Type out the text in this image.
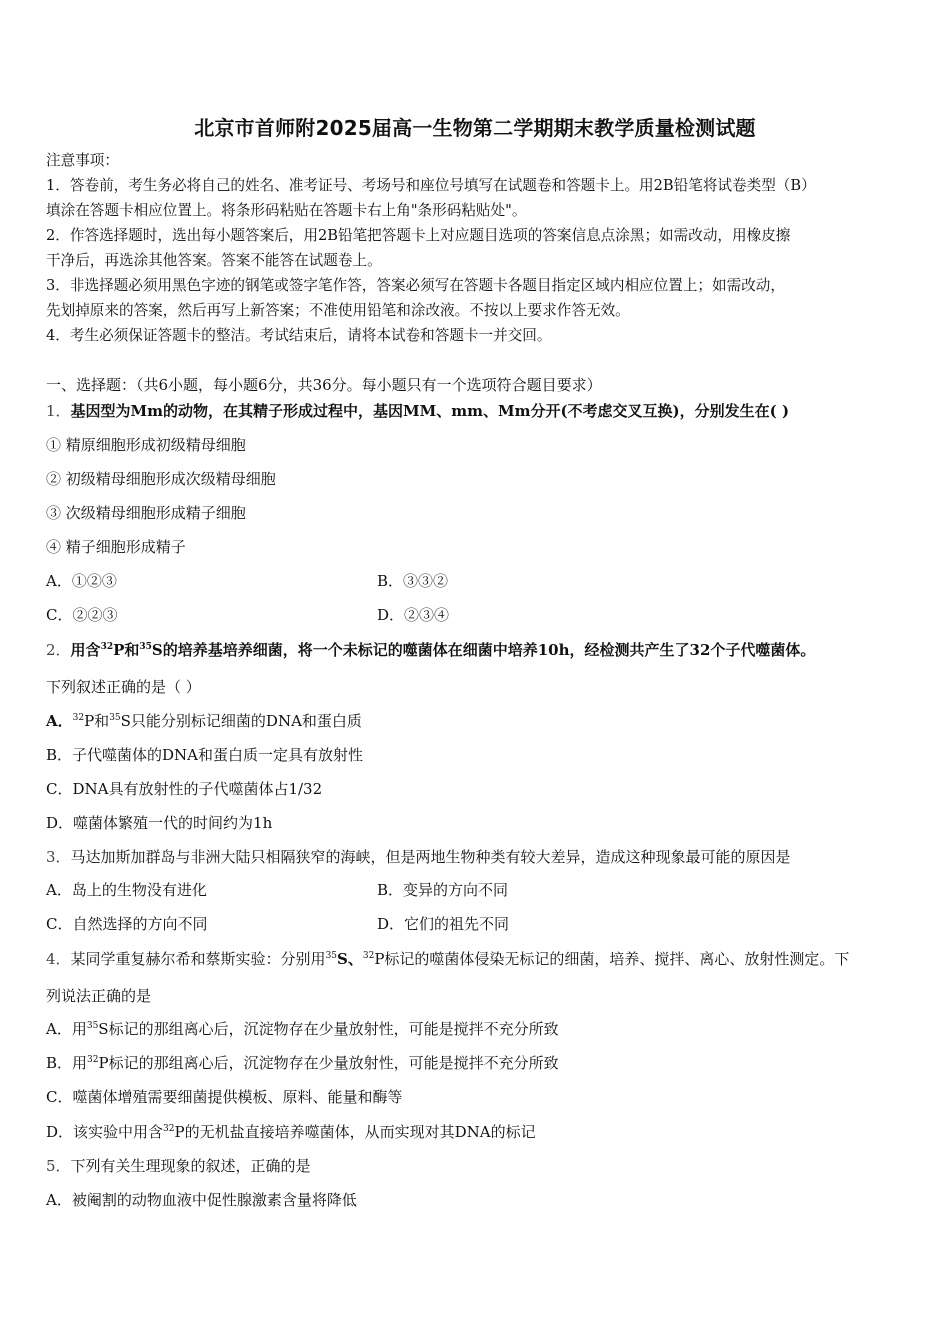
北京市首师附2025届高一生物第二学期期末教学质量检测试题
注意事项：
1．答卷前，考生务必将自己的姓名、准考证号、考场号和座位号填写在试题卷和答题卡上。用2B铅笔将试卷类型（B）
填涂在答题卡相应位置上。将条形码粘贴在答题卡右上角"条形码粘贴处"。
2．作答选择题时，选出每小题答案后，用2B铅笔把答题卡上对应题目选项的答案信息点涂黑；如需改动，用橡皮擦
干净后，再选涂其他答案。答案不能答在试题卷上。
3．非选择题必须用黑色字迹的钢笔或签字笔作答，答案必须写在答题卡各题目指定区域内相应位置上；如需改动，
先划掉原来的答案，然后再写上新答案；不准使用铅笔和涂改液。不按以上要求作答无效。
4．考生必须保证答题卡的整洁。考试结束后，请将本试卷和答题卡一并交回。
一、选择题：（共6小题，每小题6分，共36分。每小题只有一个选项符合题目要求）
1．基因型为Mm的动物，在其精子形成过程中，基因MM、mm、Mm分开(不考虑交叉互换)，分别发生在( )
① 精原细胞形成初级精母细胞
② 初级精母细胞形成次级精母细胞
③ 次级精母细胞形成精子细胞
④ 精子细胞形成精子
A．①②③	B．③③②
C．②②③	D．②③④
2．用含$^{32}$P和$^{35}$S的培养基培养细菌，将一个未标记的噬菌体在细菌中培养10h，经检测共产生了32个子代噬菌体。
下列叙述正确的是（ ）
A．$^{32}$P和$^{35}$S只能分别标记细菌的DNA和蛋白质
B．子代噬菌体的DNA和蛋白质一定具有放射性
C．DNA具有放射性的子代噬菌体占1/32
D．噬菌体繁殖一代的时间约为1h
3．马达加斯加群岛与非洲大陆只相隔狭窄的海峡，但是两地生物种类有较大差异，造成这种现象最可能的原因是
A．岛上的生物没有进化	B．变异的方向不同
C．自然选择的方向不同	D．它们的祖先不同
4．某同学重复赫尔希和蔡斯实验：分别用$^{35}$S、$^{32}$P标记的噬菌体侵染无标记的细菌，培养、搅拌、离心、放射性测定。下
列说法正确的是
A．用$^{35}$S标记的那组离心后，沉淀物存在少量放射性，可能是搅拌不充分所致
B．用$^{32}$P标记的那组离心后，沉淀物存在少量放射性，可能是搅拌不充分所致
C．噬菌体增殖需要细菌提供模板、原料、能量和酶等
D．该实验中用含$^{32}$P的无机盐直接培养噬菌体，从而实现对其DNA的标记
5．下列有关生理现象的叙述，正确的是
A．被阉割的动物血液中促性腺激素含量将降低
